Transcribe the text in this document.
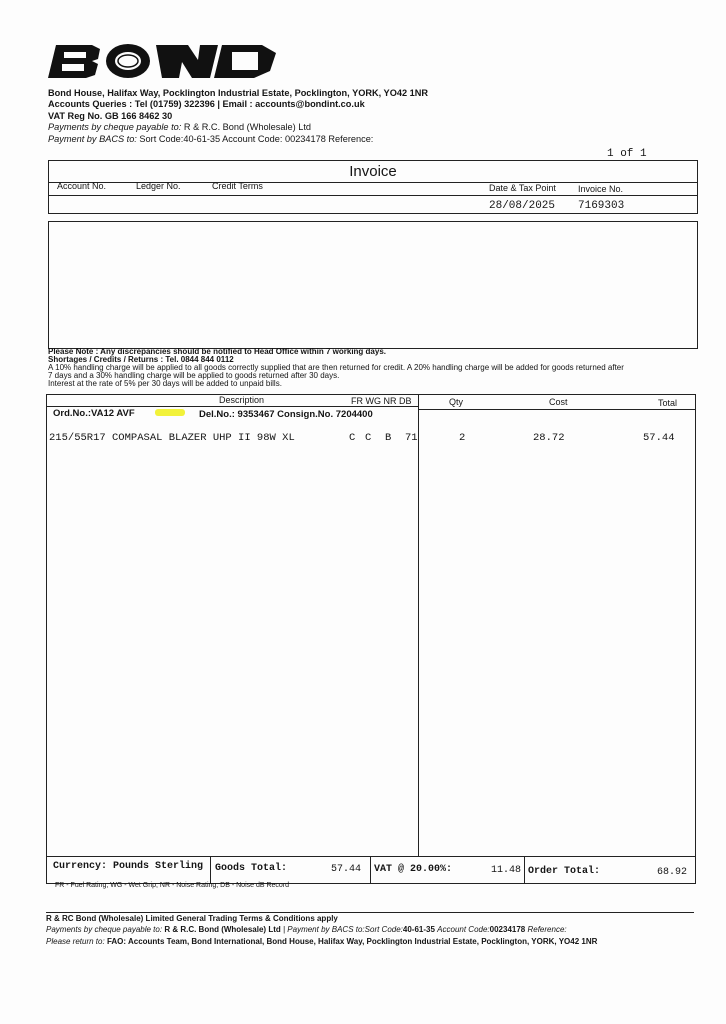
BOND
Bond House, Halifax Way, Pocklington Industrial Estate, Pocklington, YORK, YO42 1NR
Accounts Queries : Tel (01759) 322396 | Email : accounts@bondint.co.uk
VAT Reg No. GB 166 8462 30
Payments by cheque payable to: R & R.C. Bond (Wholesale) Ltd
Payment by BACS to: Sort Code:40-61-35 Account Code: 00234178 Reference:
1 of 1
Invoice
Account No.	Ledger No.	Credit Terms	Date & Tax Point Invoice No.
28/08/2025 7169303
Please Note : Any discrepancies should be notified to Head Office within 7 working days.
Shortages / Credits / Returns : Tel. 0844 844 0112
A 10% handling charge will be applied to all goods correctly supplied that are then returned for credit. A 20% handling charge will be added for goods returned after
7 days and a 30% handling charge will be applied to goods returned after 30 days.
Interest at the rate of 5% per 30 days will be added to unpaid bills.
Description	FR WG NR DB	Qty	Cost	Total
Ord.No.:VA12 AVF	Del.No.: 9353467 Consign.No. 7204400
215/55R17 COMPASAL BLAZER UHP II 98W XL	C C B 71	2	28.72	57.44
Currency: Pounds Sterling Goods Total:	57.44 VAT @ 20.00%:	11.48 Order Total:	68.92
FR - Fuel Rating, WG - Wet Grip, NR - Noise Rating, DB - Noise dB Record
R & RC Bond (Wholesale) Limited General Trading Terms & Conditions apply
Payments by cheque payable to: R & R.C. Bond (Wholesale) Ltd | Payment by BACS to:Sort Code:40-61-35 Account Code:00234178 Reference:
Please return to: FAO: Accounts Team, Bond International, Bond House, Halifax Way, Pocklington Industrial Estate, Pocklington, YORK, YO42 1NR
